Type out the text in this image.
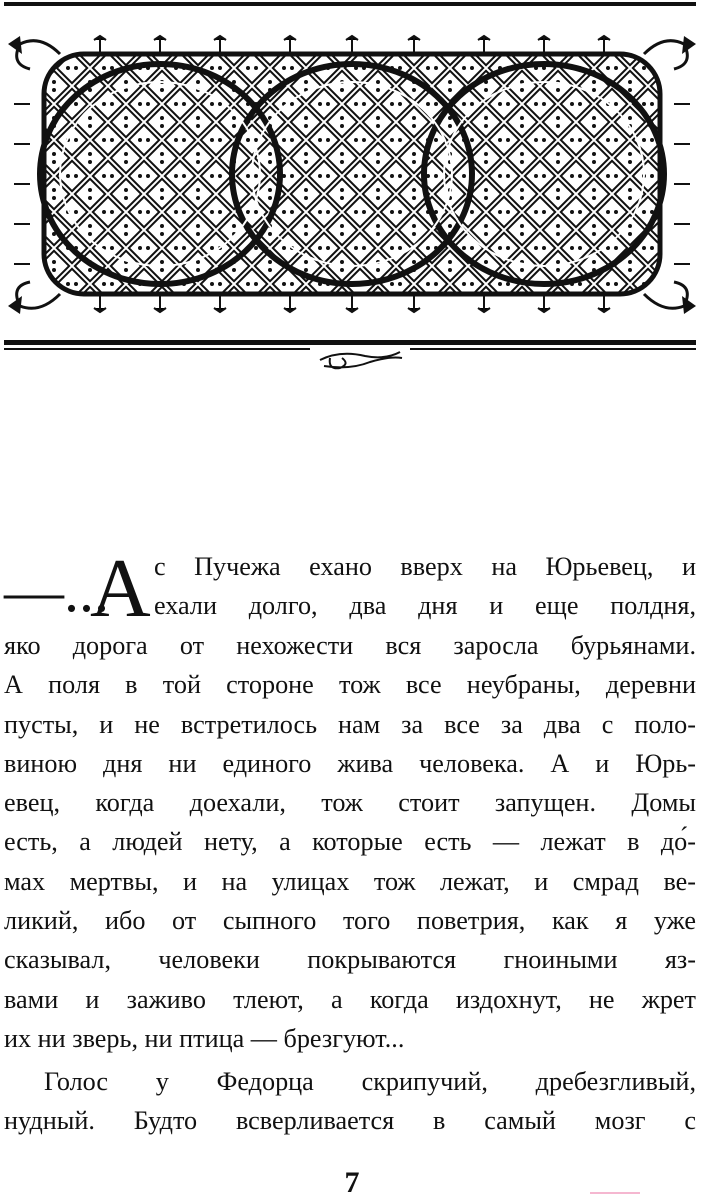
—...
А с Пучежа ехано вверх на Юрьевец, и
ехали долго, два дня и еще полдня,
яко дорога от нехожести вся заросла бурьянами.
А поля в той стороне тож все неубраны, деревни
пусты, и не встретилось нам за все за два с поло-
виною дня ни единого жива человека. А и Юрь-
евец, когда доехали, тож стоит запущен. Домы
есть, а людей нету, а которые есть — лежат в до́-
мах мертвы, и на улицах тож лежат, и смрад ве-
ликий, ибо от сыпного того поветрия, как я уже
сказывал, человеки покрываются гноиными яз-
вами и заживо тлеют, а когда издохнут, не жрет
их ни зверь, ни птица — брезгуют...
Голос у Федорца скрипучий, дребезгливый,
нудный. Будто всверливается в самый мозг с
7
